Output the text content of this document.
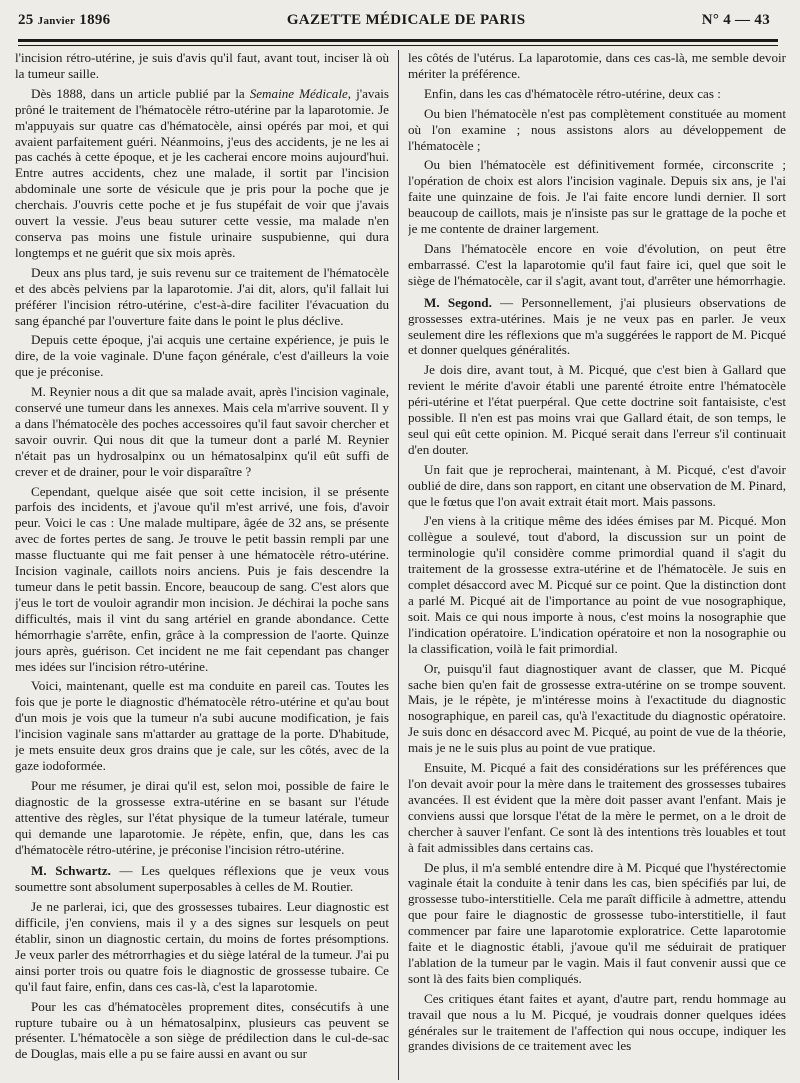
25 Janvier 1896	GAZETTE MÉDICALE DE PARIS	N° 4 — 43

l'incision rétro-utérine, je suis d'avis qu'il faut, avant tout, inciser là où la tumeur saille.

Dès 1888, dans un article publié par la Semaine Médicale, j'avais prôné le traitement de l'hématocèle rétro-utérine par la laparotomie. Je m'appuyais sur quatre cas d'hématocèle, ainsi opérés par moi, et qui avaient parfaitement guéri. Néanmoins, j'eus des accidents, je ne les ai pas cachés à cette époque, et je les cacherai encore moins aujourd'hui. Entre autres accidents, chez une malade, il sortit par l'incision abdominale une sorte de vésicule que je pris pour la poche que je cherchais. J'ouvris cette poche et je fus stupéfait de voir que j'avais ouvert la vessie. J'eus beau suturer cette vessie, ma malade n'en conserva pas moins une fistule urinaire suspubienne, qui dura longtemps et ne guérit que six mois après.

Deux ans plus tard, je suis revenu sur ce traitement de l'hématocèle et des abcès pelviens par la laparotomie. J'ai dit, alors, qu'il fallait lui préférer l'incision rétro-utérine, c'est-à-dire faciliter l'évacuation du sang épanché par l'ouverture faite dans le point le plus déclive.

Depuis cette époque, j'ai acquis une certaine expérience, je puis le dire, de la voie vaginale. D'une façon générale, c'est d'ailleurs la voie que je préconise.

M. Reynier nous a dit que sa malade avait, après l'incision vaginale, conservé une tumeur dans les annexes. Mais cela m'arrive souvent. Il y a dans l'hématocèle des poches accessoires qu'il faut savoir chercher et savoir ouvrir. Qui nous dit que la tumeur dont a parlé M. Reynier n'était pas un hydrosalpinx ou un hématosalpinx qu'il eût suffi de crever et de drainer, pour le voir disparaître ?

Cependant, quelque aisée que soit cette incision, il se présente parfois des incidents, et j'avoue qu'il m'est arrivé, une fois, d'avoir peur. Voici le cas : Une malade multipare, âgée de 32 ans, se présente avec de fortes pertes de sang. Je trouve le petit bassin rempli par une masse fluctuante qui me fait penser à une hématocèle rétro-utérine. Incision vaginale, caillots noirs anciens. Puis je fais descendre la tumeur dans le petit bassin. Encore, beaucoup de sang. C'est alors que j'eus le tort de vouloir agrandir mon incision. Je déchirai la poche sans difficultés, mais il vint du sang artériel en grande abondance. Cette hémorrhagie s'arrête, enfin, grâce à la compression de l'aorte. Quinze jours après, guérison. Cet incident ne me fait cependant pas changer mes idées sur l'incision rétro-utérine.

Voici, maintenant, quelle est ma conduite en pareil cas. Toutes les fois que je porte le diagnostic d'hématocèle rétro-utérine et qu'au bout d'un mois je vois que la tumeur n'a subi aucune modification, je fais l'incision vaginale sans m'attarder au grattage de la porte. D'habitude, je mets ensuite deux gros drains que je cale, sur les côtés, avec de la gaze iodoformée.

Pour me résumer, je dirai qu'il est, selon moi, possible de faire le diagnostic de la grossesse extra-utérine en se basant sur l'étude attentive des règles, sur l'état physique de la tumeur latérale, tumeur qui demande une laparotomie. Je répète, enfin, que, dans les cas d'hématocèle rétro-utérine, je préconise l'incision rétro-utérine.

M. Schwartz. — Les quelques réflexions que je veux vous soumettre sont absolument superposables à celles de M. Routier.

Je ne parlerai, ici, que des grossesses tubaires. Leur diagnostic est difficile, j'en conviens, mais il y a des signes sur lesquels on peut établir, sinon un diagnostic certain, du moins de fortes présomptions. Je veux parler des métrorrhagies et du siège latéral de la tumeur. J'ai pu ainsi porter trois ou quatre fois le diagnostic de grossesse tubaire. Ce qu'il faut faire, enfin, dans ces cas-là, c'est la laparotomie.

Pour les cas d'hématocèles proprement dites, consécutifs à une rupture tubaire ou à un hématosalpinx, plusieurs cas peuvent se présenter. L'hématocèle a son siège de prédilection dans le cul-de-sac de Douglas, mais elle a pu se faire aussi en avant ou sur

les côtés de l'utérus. La laparotomie, dans ces cas-là, me semble devoir mériter la préférence.

Enfin, dans les cas d'hématocèle rétro-utérine, deux cas :

Ou bien l'hématocèle n'est pas complètement constituée au moment où l'on examine ; nous assistons alors au développement de l'hématocèle ;

Ou bien l'hématocèle est définitivement formée, circonscrite ; l'opération de choix est alors l'incision vaginale. Depuis six ans, je l'ai faite une quinzaine de fois. Je l'ai faite encore lundi dernier. Il sort beaucoup de caillots, mais je n'insiste pas sur le grattage de la poche et je me contente de drainer largement.

Dans l'hématocèle encore en voie d'évolution, on peut être embarrassé. C'est la laparotomie qu'il faut faire ici, quel que soit le siège de l'hématocèle, car il s'agit, avant tout, d'arrêter une hémorrhagie.

M. Segond. — Personnellement, j'ai plusieurs observations de grossesses extra-utérines. Mais je ne veux pas en parler. Je veux seulement dire les réflexions que m'a suggérées le rapport de M. Picqué et donner quelques généralités.

Je dois dire, avant tout, à M. Picqué, que c'est bien à Gallard que revient le mérite d'avoir établi une parenté étroite entre l'hématocèle péri-utérine et l'état puerpéral. Que cette doctrine soit fantaisiste, c'est possible. Il n'en est pas moins vrai que Gallard était, de son temps, le seul qui eût cette opinion. M. Picqué serait dans l'erreur s'il continuait d'en douter.

Un fait que je reprocherai, maintenant, à M. Picqué, c'est d'avoir oublié de dire, dans son rapport, en citant une observation de M. Pinard, que le fœtus que l'on avait extrait était mort. Mais passons.

J'en viens à la critique même des idées émises par M. Picqué. Mon collègue a soulevé, tout d'abord, la discussion sur un point de terminologie qu'il considère comme primordial quand il s'agit du traitement de la grossesse extra-utérine et de l'hématocèle. Je suis en complet désaccord avec M. Picqué sur ce point. Que la distinction dont a parlé M. Picqué ait de l'importance au point de vue nosographique, soit. Mais ce qui nous importe à nous, c'est moins la nosographie que l'indication opératoire. L'indication opératoire et non la nosographie ou la classification, voilà le fait primordial.

Or, puisqu'il faut diagnostiquer avant de classer, que M. Picqué sache bien qu'en fait de grossesse extra-utérine on se trompe souvent. Mais, je le répète, je m'intéresse moins à l'exactitude du diagnostic nosographique, en pareil cas, qu'à l'exactitude du diagnostic opératoire. Je suis donc en désaccord avec M. Picqué, au point de vue de la théorie, mais je ne le suis plus au point de vue pratique.

Ensuite, M. Picqué a fait des considérations sur les préférences que l'on devait avoir pour la mère dans le traitement des grossesses tubaires avancées. Il est évident que la mère doit passer avant l'enfant. Mais je conviens aussi que lorsque l'état de la mère le permet, on a le droit de chercher à sauver l'enfant. Ce sont là des intentions très louables et tout à fait admissibles dans certains cas.

De plus, il m'a semblé entendre dire à M. Picqué que l'hystérectomie vaginale était la conduite à tenir dans les cas, bien spécifiés par lui, de grossesse tubo-interstitielle. Cela me paraît difficile à admettre, attendu que pour faire le diagnostic de grossesse tubo-interstitielle, il faut commencer par faire une laparotomie exploratrice. Cette laparotomie faite et le diagnostic établi, j'avoue qu'il me séduirait de pratiquer l'ablation de la tumeur par le vagin. Mais il faut convenir aussi que ce sont là des faits bien compliqués.

Ces critiques étant faites et ayant, d'autre part, rendu hommage au travail que nous a lu M. Picqué, je voudrais donner quelques idées générales sur le traitement de l'affection qui nous occupe, indiquer les grandes divisions de ce traitement avec les
